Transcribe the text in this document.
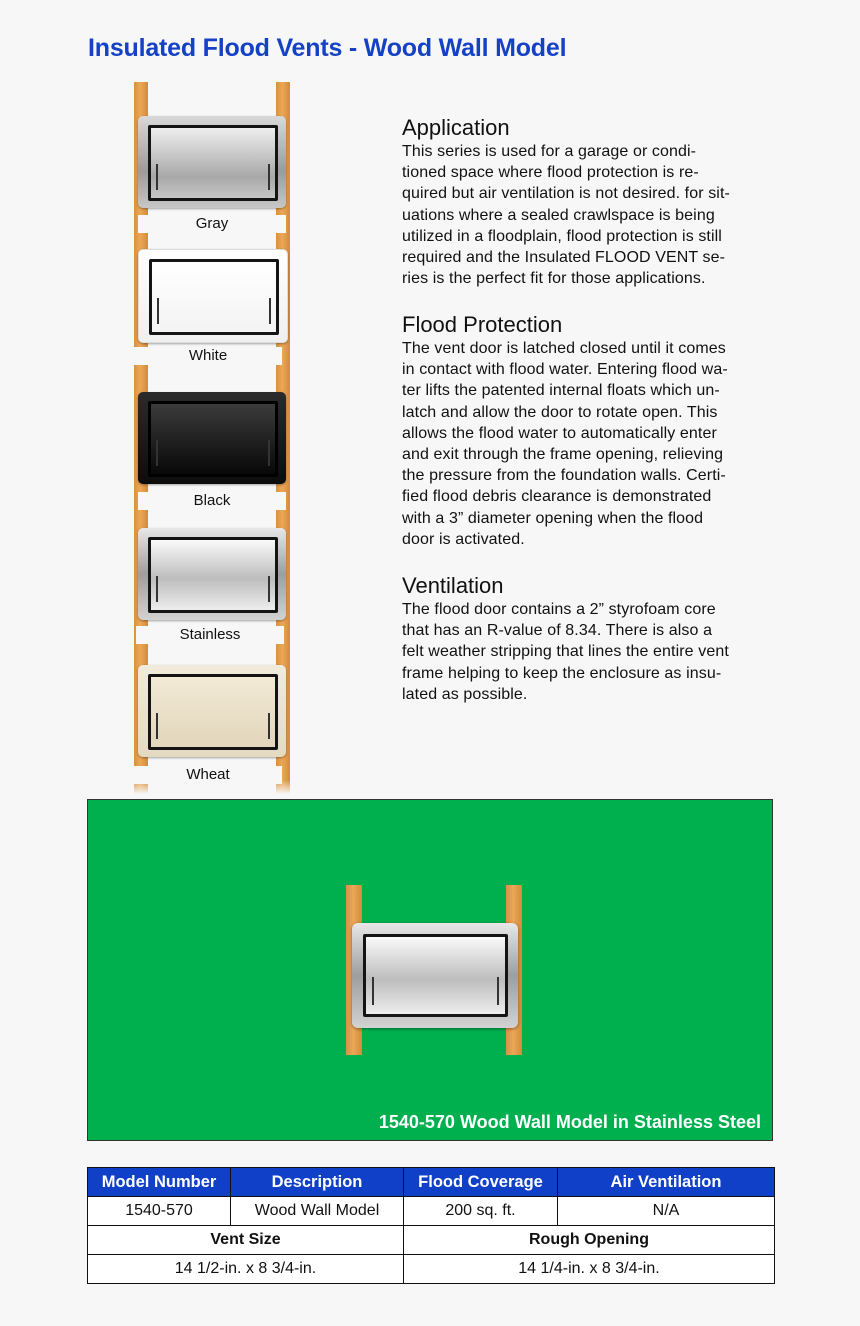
Insulated Flood Vents - Wood Wall Model
Gray
White
Black
Stainless
Wheat
Application

This series is used for a garage or condi-
tioned space where flood protection is re-
quired but air ventilation is not desired. for sit-
uations where a sealed crawlspace is being
utilized in a floodplain, flood protection is still
required and the Insulated FLOOD VENT se-
ries is the perfect fit for those applications.

Flood Protection

The vent door is latched closed until it comes
in contact with flood water. Entering flood wa-
ter lifts the patented internal floats which un-
latch and allow the door to rotate open. This
allows the flood water to automatically enter
and exit through the frame opening, relieving
the pressure from the foundation walls. Certi-
fied flood debris clearance is demonstrated
with a 3” diameter opening when the flood
door is activated.

Ventilation

The flood door contains a 2” styrofoam core
that has an R-value of 8.34. There is also a
felt weather stripping that lines the entire vent
frame helping to keep the enclosure as insu-
lated as possible.

1540-570 Wood Wall Model in Stainless Steel
Model Number	Description	Flood Coverage	Air Ventilation
1540-570	Wood Wall Model	200 sq. ft.	N/A
Vent Size		Rough Opening	
14 1/2-in. x 8 3/4-in.		14 1/4-in. x 8 3/4-in.	
